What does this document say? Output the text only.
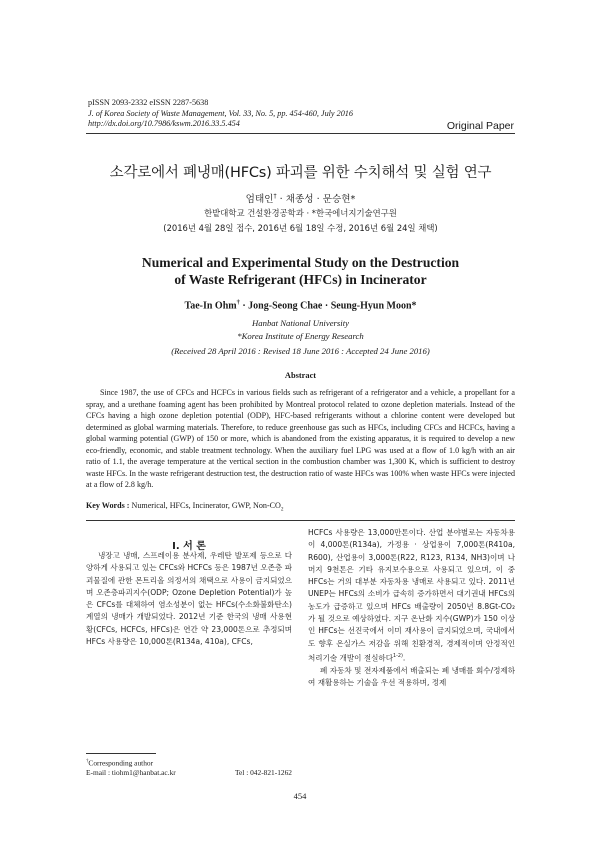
pISSN 2093-2332 eISSN 2287-5638
J. of Korea Society of Waste Management, Vol. 33, No. 5, pp. 454-460, July 2016
http://dx.doi.org/10.7986/kswm.2016.33.5.454	Original Paper
소각로에서 폐냉매(HFCs) 파괴를 위한 수치해석 및 실험 연구
엄태인† · 채종성 · 문승현*
한밭대학교 건설환경공학과 · *한국에너지기술연구원
(2016년 4월 28일 접수, 2016년 6월 18일 수정, 2016년 6월 24일 채택)
Numerical and Experimental Study on the Destruction
of Waste Refrigerant (HFCs) in Incinerator
Tae-In Ohm† · Jong-Seong Chae · Seung-Hyun Moon*
Hanbat National University
*Korea Institute of Energy Research
(Received 28 April 2016 : Revised 18 June 2016 : Accepted 24 June 2016)
Abstract

Since 1987, the use of CFCs and HCFCs in various fields such as refrigerant of a refrigerator and a vehicle, a propellant for a spray, and a urethane foaming agent has been prohibited by Montreal protocol related to ozone depletion materials. Instead of the CFCs having a high ozone depletion potential (ODP), HFC-based refrigerants without a chlorine content were developed but determined as global warming materials. Therefore, to reduce greenhouse gas such as HFCs, including CFCs and HCFCs, having a global warming potential (GWP) of 150 or more, which is abandoned from the existing apparatus, it is required to develop a new eco-friendly, economic, and stable treatment technology. When the auxiliary fuel LPG was used at a flow of 1.0 kg/h with an air ratio of 1.1, the average temperature at the vertical section in the combustion chamber was 1,300 K, which is sufficient to destroy waste HFCs. In the waste refrigerant destruction test, the destruction ratio of waste HFCs was 100% when waste HFCs were injected at a flow of 2.8 kg/h.

Key Words : Numerical, HFCs, Incinerator, GWP, Non-$CO_2$
I. 서 론

냉장고 냉매, 스프레이용 분사제, 우레탄 발포제 등으로 다양하게 사용되고 있는 CFCs와 HCFCs 등은 1987년 오존층 파괴물질에 관한 몬트리올 의정서의 채택으로 사용이 금지되었으며 오존층파괴지수(ODP; Ozone Depletion Potential)가 높은 CFCs를 대체하여 염소성분이 없는 HFCs(수소화불화탄소) 계열의 냉매가 개발되었다. 2012년 기준 한국의 냉매 사용현황(CFCs, HCFCs, HFCs)은 연간 약 23,000톤으로 추정되며 HFCs 사용량은 10,000톤(R134a, 410a), CFCs,

HCFCs 사용량은 13,000만톤이다. 산업 분야별로는 자동차용이 4,000톤(R134a), 가정용 · 상업용이 7,000톤(R410a, R600), 산업용이 3,000톤(R22, R123, R134, NH3)이며 나머지 9천톤은 기타 유지보수용으로 사용되고 있으며, 이 중 HFCs는 거의 대부분 자동차용 냉매로 사용되고 있다. 2011년 UNEP는 HFCs의 소비가 급속히 증가하면서 대기권내 HFCs의 농도가 급증하고 있으며 HFCs 배출량이 2050년 8.8Gt-CO₂가 될 것으로 예상하였다. 지구 온난화 지수(GWP)가 150 이상인 HFCs는 선진국에서 이미 재사용이 금지되었으며, 국내에서도 향후 온실가스 저감을 위해 친환경적, 경제적이며 안정적인 처리기술 개발이 절실하다$^{1-2)}$.

폐 자동차 및 전자제품에서 배출되는 폐 냉매를 회수/정제하여 재활용하는 기술을 우선 적용하며, 정제

†Corresponding author
E-mail : tiohm1@hanbat.ac.kr	Tel : 042-821-1262
454
